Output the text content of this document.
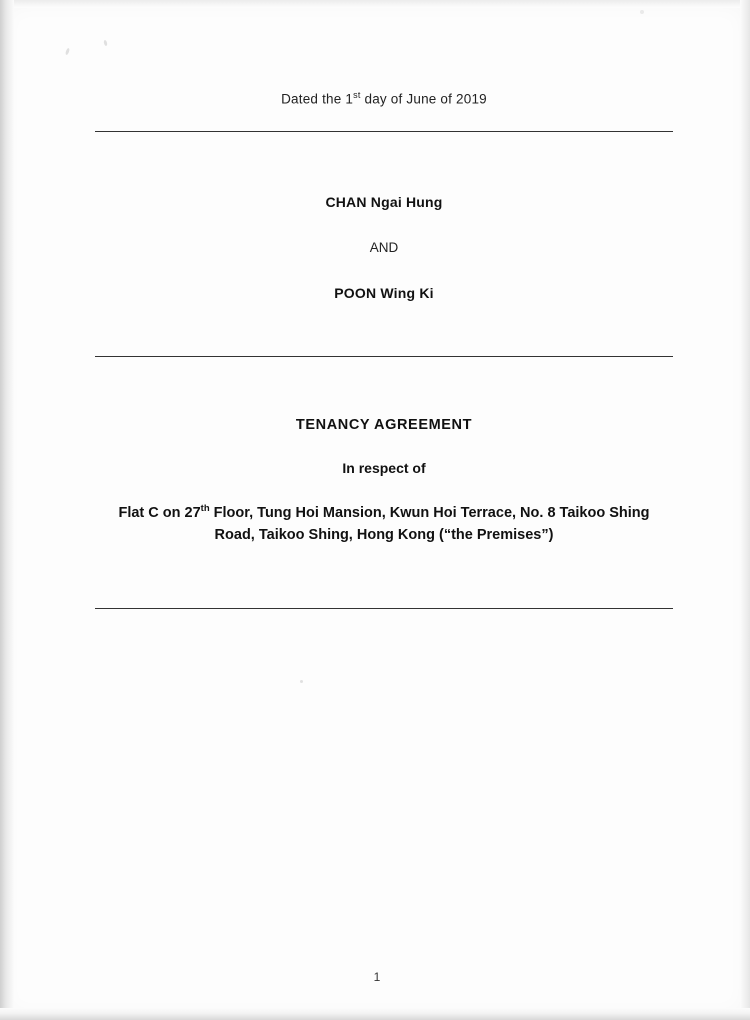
Dated the 1st day of June of 2019
CHAN Ngai Hung
AND
POON Wing Ki
TENANCY AGREEMENT
In respect of
Flat C on 27th Floor, Tung Hoi Mansion, Kwun Hoi Terrace, No. 8 Taikoo Shing
Road, Taikoo Shing, Hong Kong (“the Premises”)
1
